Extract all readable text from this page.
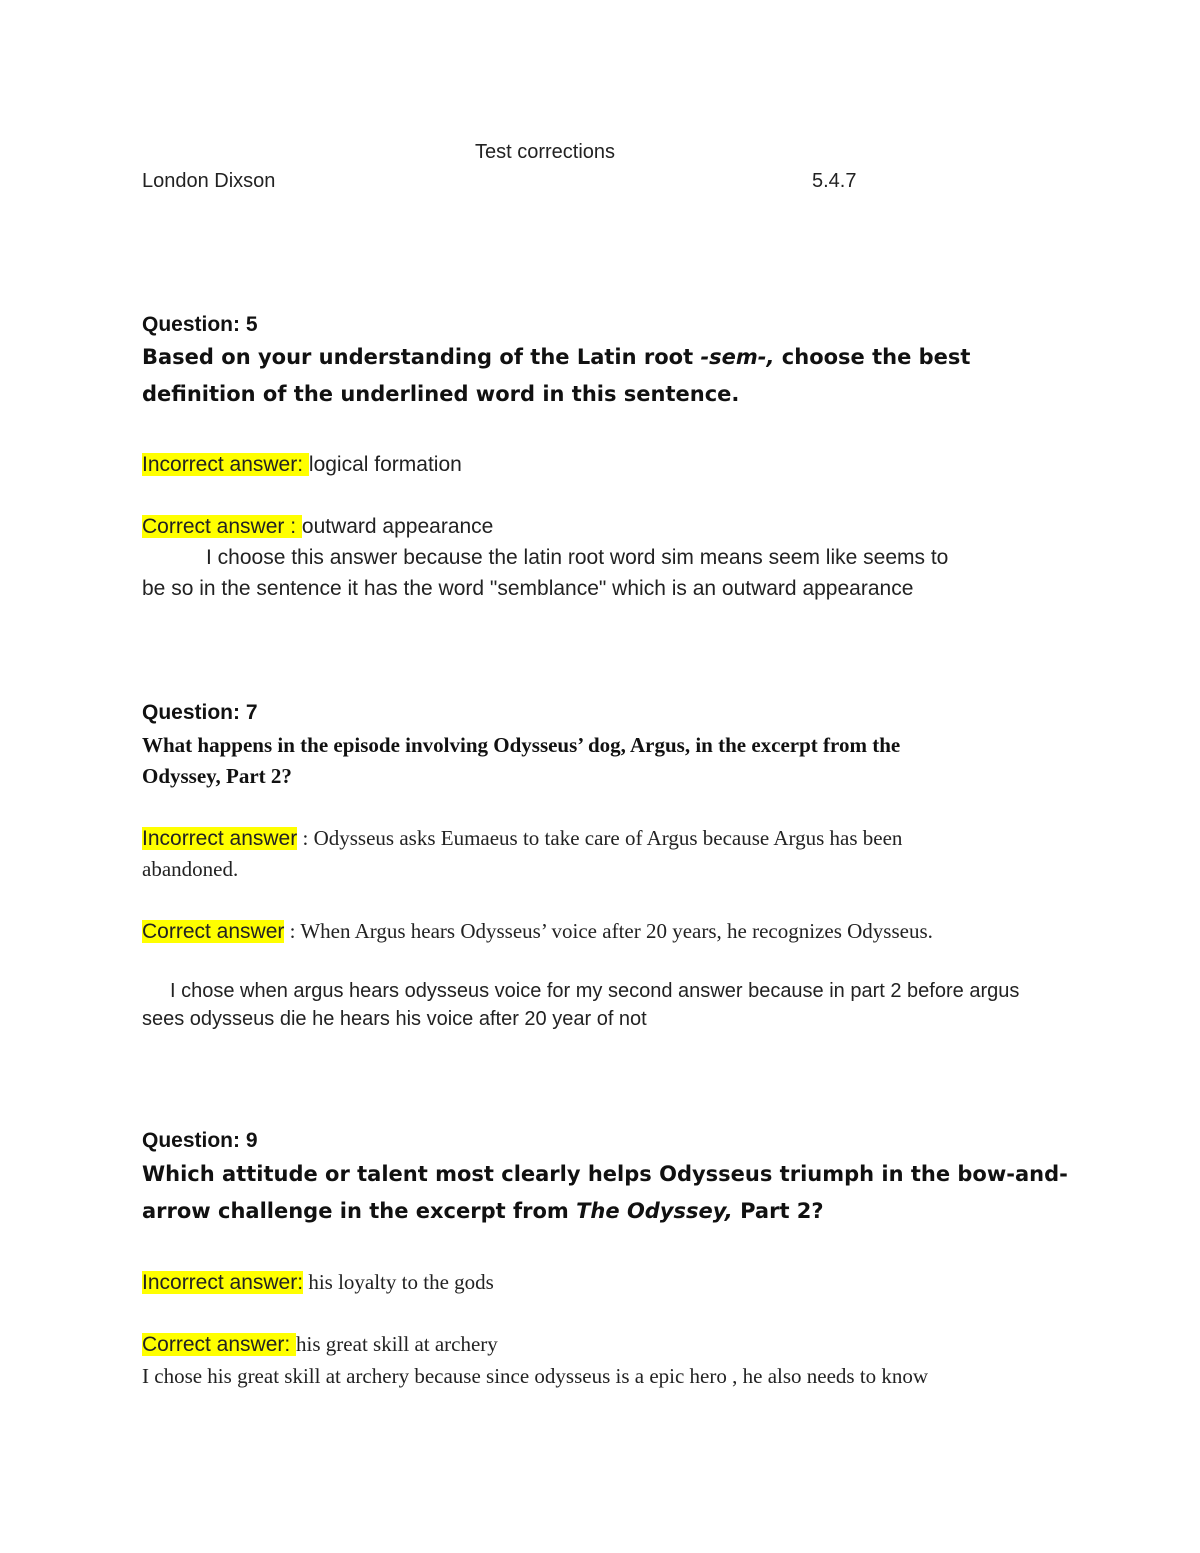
Test corrections
London Dixson	5.4.7
Question: 5
Based on your understanding of the Latin root -sem-, choose the best
definition of the underlined word in this sentence.
Incorrect answer: logical formation
Correct answer : outward appearance
I choose this answer because the latin root word sim means seem like seems to
be so in the sentence it has the word "semblance" which is an outward appearance
Question: 7
What happens in the episode involving Odysseus’ dog, Argus, in the excerpt from the
Odyssey, Part 2?
Incorrect answer : Odysseus asks Eumaeus to take care of Argus because Argus has been
abandoned.
Correct answer : When Argus hears Odysseus’ voice after 20 years, he recognizes Odysseus.
I chose when argus hears odysseus voice for my second answer because in part 2 before argus
sees odysseus die he hears his voice after 20 year of not
Question: 9
Which attitude or talent most clearly helps Odysseus triumph in the bow-and-
arrow challenge in the excerpt from The Odyssey, Part 2?
Incorrect answer: his loyalty to the gods
Correct answer: his great skill at archery
I chose his great skill at archery because since odysseus is a epic hero , he also needs to know
